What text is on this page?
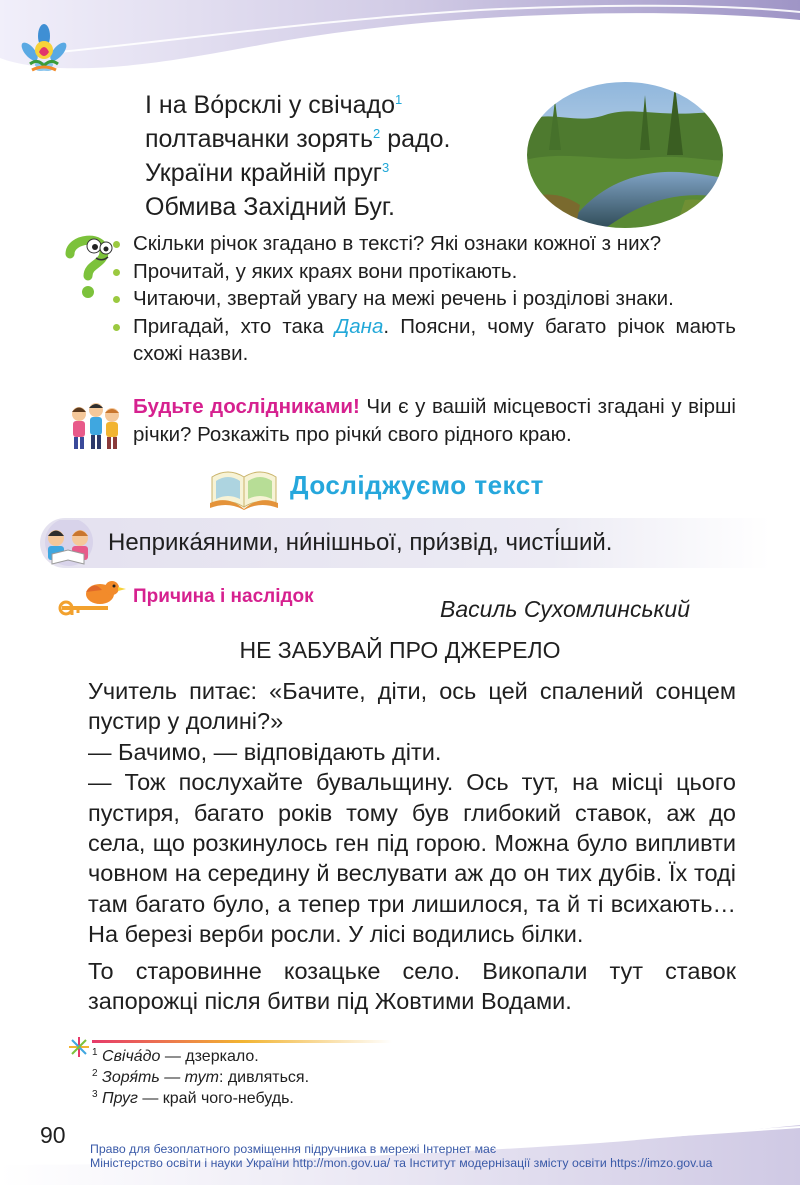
І на Во́рсклі у свічадо$^1$
полтавчанки зорять$^2$ радо.
України крайній пруг$^3$
Обмива Західний Буг.
Скільки річок згадано в тексті? Які ознаки кожної з них?
Прочитай, у яких краях вони протікають.
Читаючи, звертай увагу на межі речень і розділові знаки.
Пригадай, хто така Дана. Поясни, чому багато річок мають схожі назви.
Будьте дослідниками! Чи є у вашій місцевості згадані у вірші річки? Розкажіть про річки́ свого рідного краю.
Досліджуємо текст
Неприка́яними, ни́нішньої, при́звід, чисті́ший.
Причина і наслідок	Василь Сухомлинський
НЕ ЗАБУВАЙ ПРО ДЖЕРЕЛО
Учитель питає: «Бачите, діти, ось цей спалений сонцем пустир у долині?»
— Бачимо, — відповідають діти.
— Тож послухайте бувальщину. Ось тут, на місці цього пустиря, багато років тому був глибокий ставок, аж до села, що розкинулось ген під горою. Можна було випливти човном на середину й веслувати аж до он тих дубів. Їх тоді там багато було, а тепер три лишилося, та й ті всихають… На березі верби росли. У лісі водились білки.
То старовинне козацьке село. Викопали тут ставок запорожці після битви під Жовтими Водами.
$^1$ Свіча́до — дзеркало.
$^2$ Зоря́ть — тут: дивляться.
$^3$ Пруг — край чого-небудь.
90
Право для безоплатного розміщення підручника в мережі Інтернет має
Міністерство освіти і науки України http://mon.gov.ua/ та Інститут модернізації змісту освіти https://imzo.gov.ua
